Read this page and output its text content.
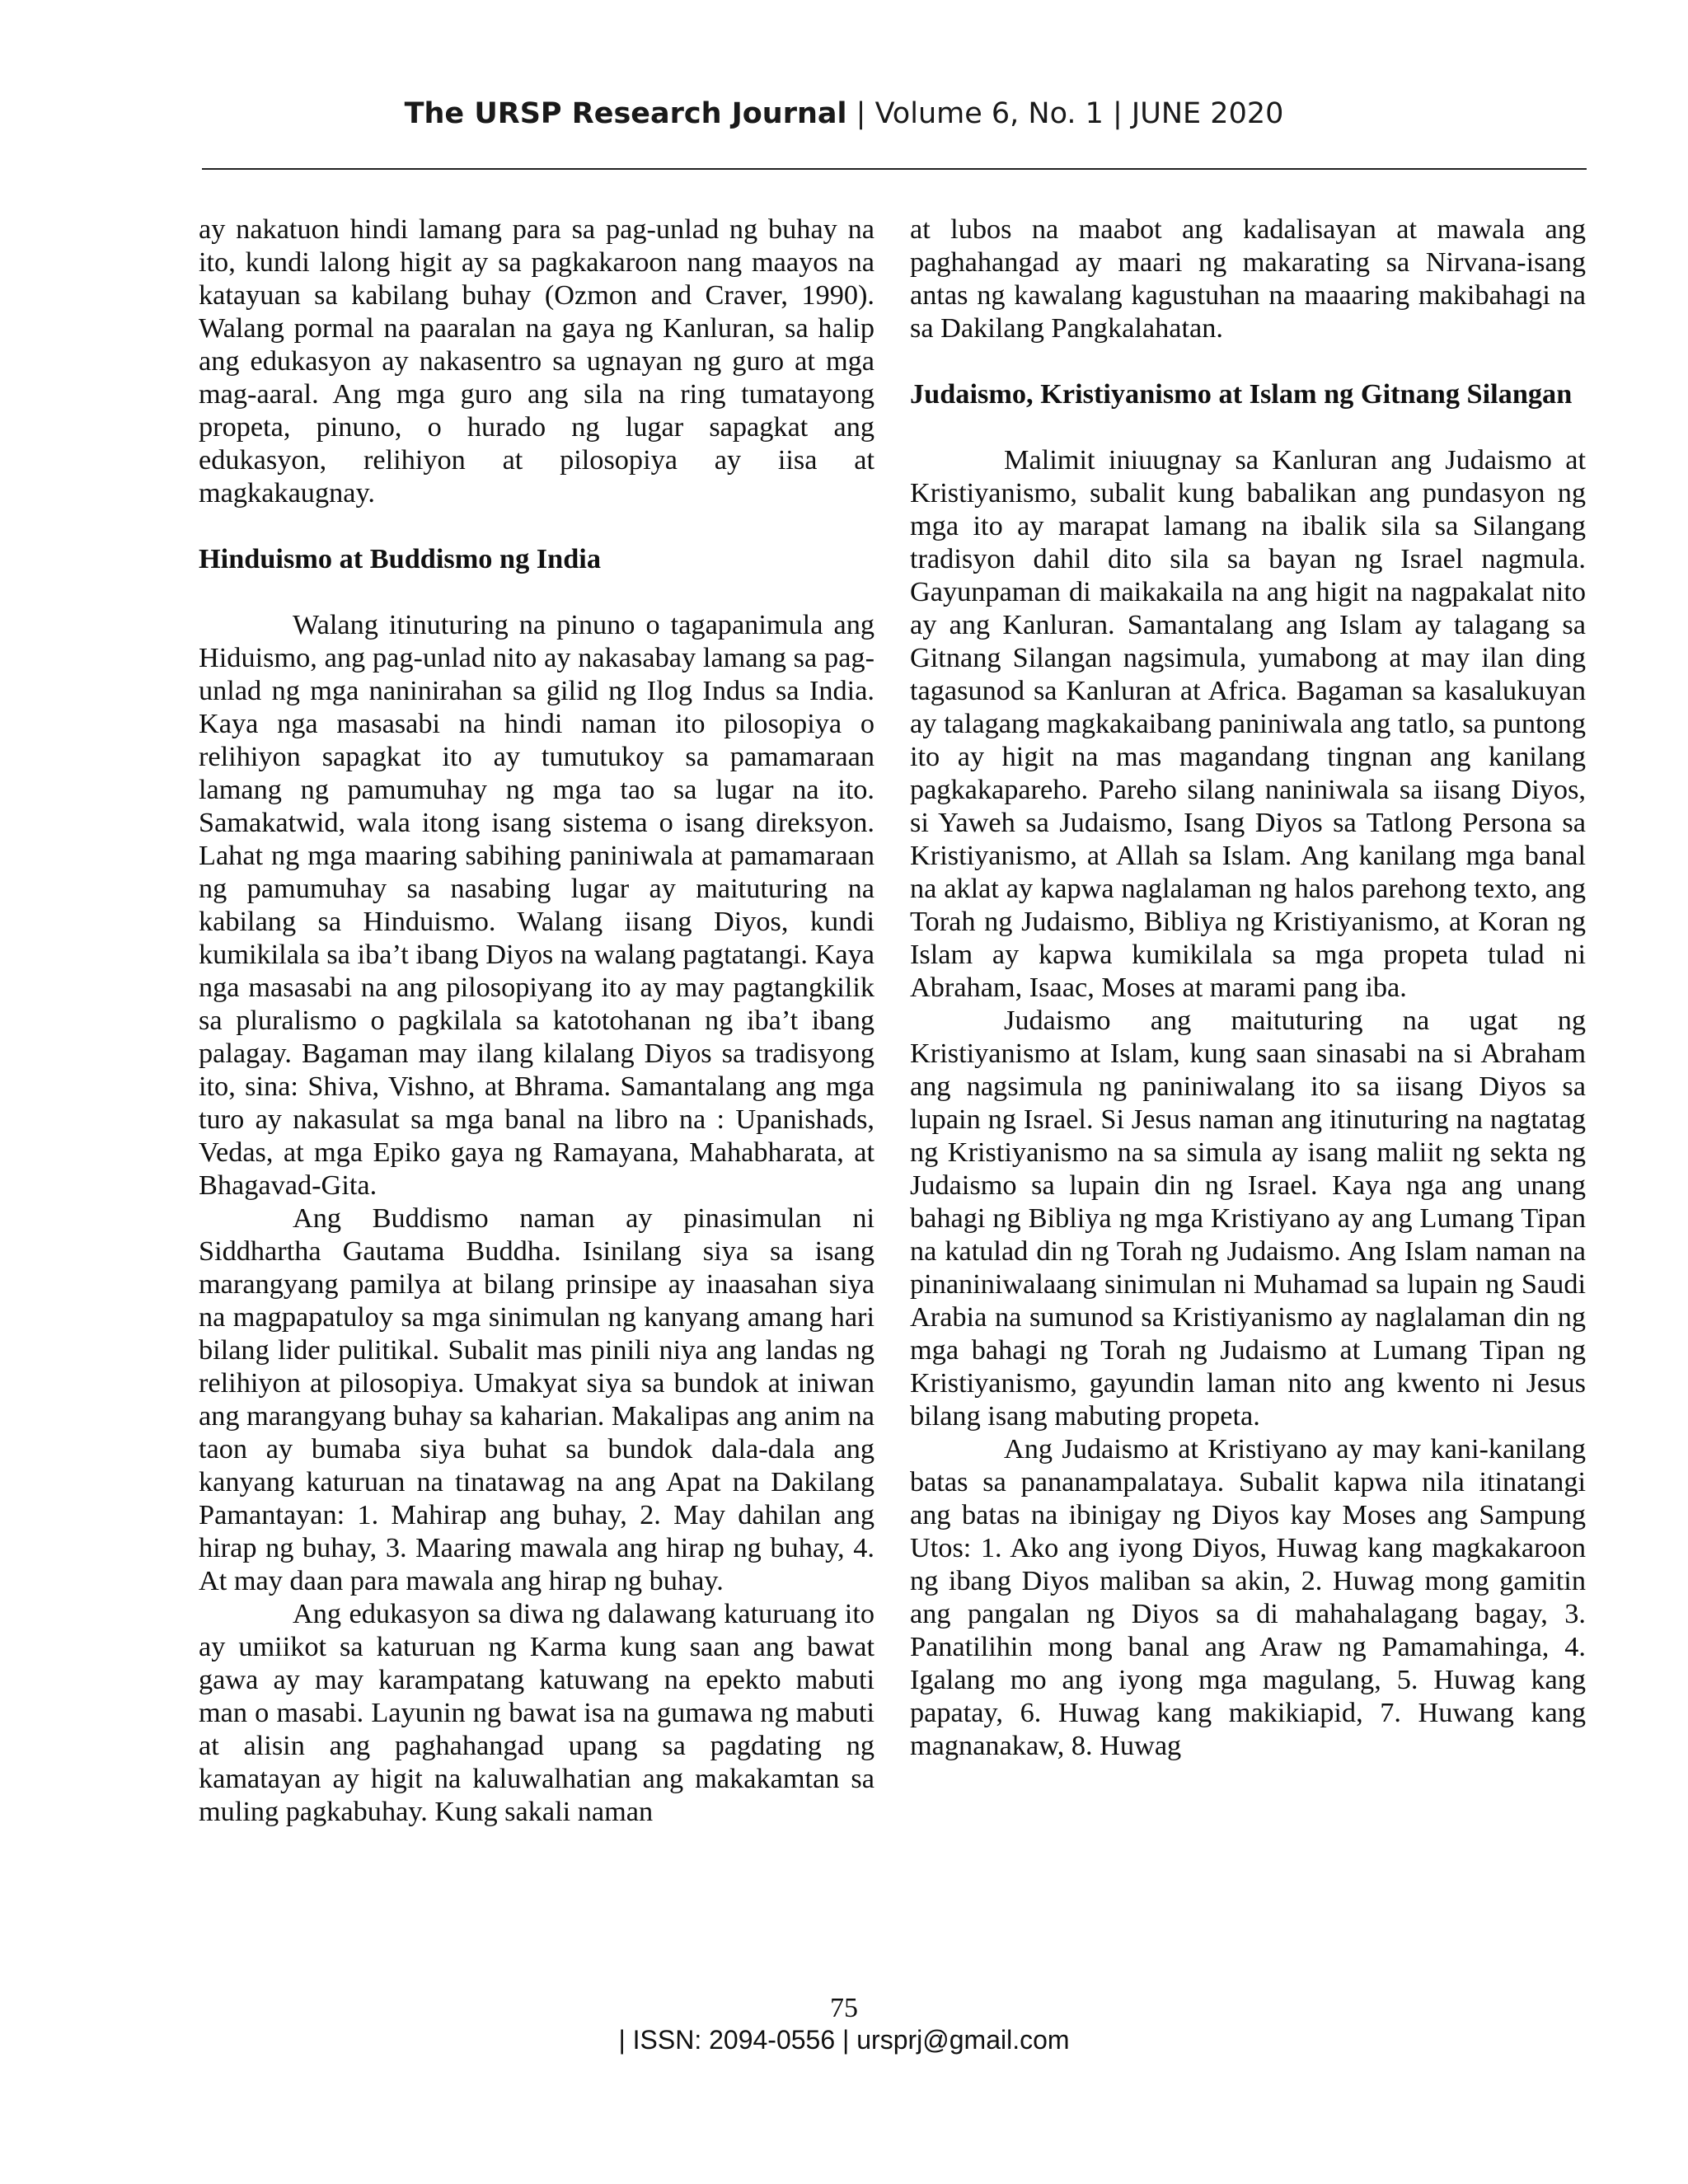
The URSP Research Journal | Volume 6, No. 1 | JUNE 2020

ay nakatuon hindi lamang para sa pag-unlad ng buhay na ito, kundi lalong higit ay sa pagkakaroon nang maayos na katayuan sa kabilang buhay (Ozmon and Craver, 1990). Walang pormal na paaralan na gaya ng Kanluran, sa halip ang edukasyon ay nakasentro sa ugnayan ng guro at mga mag-aaral. Ang mga guro ang sila na ring tumatayong propeta, pinuno, o hurado ng lugar sapagkat ang edukasyon, relihiyon at pilosopiya ay iisa at magkakaugnay.

Hinduismo at Buddismo ng India

Walang itinuturing na pinuno o tagapanimula ang Hiduismo, ang pag-unlad nito ay nakasabay lamang sa pag-unlad ng mga naninirahan sa gilid ng Ilog Indus sa India. Kaya nga masasabi na hindi naman ito pilosopiya o relihiyon sapagkat ito ay tumutukoy sa pamamaraan lamang ng pamumuhay ng mga tao sa lugar na ito. Samakatwid, wala itong isang sistema o isang direksyon. Lahat ng mga maaring sabihing paniniwala at pamamaraan ng pamumuhay sa nasabing lugar ay maituturing na kabilang sa Hinduismo. Walang iisang Diyos, kundi kumikilala sa iba’t ibang Diyos na walang pagtatangi. Kaya nga masasabi na ang pilosopiyang ito ay may pagtangkilik sa pluralismo o pagkilala sa katotohanan ng iba’t ibang palagay. Bagaman may ilang kilalang Diyos sa tradisyong ito, sina: Shiva, Vishno, at Bhrama. Samantalang ang mga turo ay nakasulat sa mga banal na libro na : Upanishads, Vedas, at mga Epiko gaya ng Ramayana, Mahabharata, at Bhagavad-Gita.

Ang Buddismo naman ay pinasimulan ni Siddhartha Gautama Buddha. Isinilang siya sa isang marangyang pamilya at bilang prinsipe ay inaasahan siya na magpapatuloy sa mga sinimulan ng kanyang amang hari bilang lider pulitikal. Subalit mas pinili niya ang landas ng relihiyon at pilosopiya. Umakyat siya sa bundok at iniwan ang marangyang buhay sa kaharian. Makalipas ang anim na taon ay bumaba siya buhat sa bundok dala-dala ang kanyang katuruan na tinatawag na ang Apat na Dakilang Pamantayan: 1. Mahirap ang buhay, 2. May dahilan ang hirap ng buhay, 3. Maaring mawala ang hirap ng buhay, 4. At may daan para mawala ang hirap ng buhay.

Ang edukasyon sa diwa ng dalawang katuruang ito ay umiikot sa katuruan ng Karma kung saan ang bawat gawa ay may karampatang katuwang na epekto mabuti man o masabi. Layunin ng bawat isa na gumawa ng mabuti at alisin ang paghahangad upang sa pagdating ng kamatayan ay higit na kaluwalhatian ang makakamtan sa muling pagkabuhay. Kung sakali naman

at lubos na maabot ang kadalisayan at mawala ang paghahangad ay maari ng makarating sa Nirvana-isang antas ng kawalang kagustuhan na maaaring makibahagi na sa Dakilang Pangkalahatan.

Judaismo, Kristiyanismo at Islam ng Gitnang Silangan

Malimit iniuugnay sa Kanluran ang Judaismo at Kristiyanismo, subalit kung babalikan ang pundasyon ng mga ito ay marapat lamang na ibalik sila sa Silangang tradisyon dahil dito sila sa bayan ng Israel nagmula. Gayunpaman di maikakaila na ang higit na nagpakalat nito ay ang Kanluran. Samantalang ang Islam ay talagang sa Gitnang Silangan nagsimula, yumabong at may ilan ding tagasunod sa Kanluran at Africa. Bagaman sa kasalukuyan ay talagang magkakaibang paniniwala ang tatlo, sa puntong ito ay higit na mas magandang tingnan ang kanilang pagkakapareho. Pareho silang naniniwala sa iisang Diyos, si Yaweh sa Judaismo, Isang Diyos sa Tatlong Persona sa Kristiyanismo, at Allah sa Islam. Ang kanilang mga banal na aklat ay kapwa naglalaman ng halos parehong texto, ang Torah ng Judaismo, Bibliya ng Kristiyanismo, at Koran ng Islam ay kapwa kumikilala sa mga propeta tulad ni Abraham, Isaac, Moses at marami pang iba.

Judaismo ang maituturing na ugat ng Kristiyanismo at Islam, kung saan sinasabi na si Abraham ang nagsimula ng paniniwalang ito sa iisang Diyos sa lupain ng Israel. Si Jesus naman ang itinuturing na nagtatag ng Kristiyanismo na sa simula ay isang maliit ng sekta ng Judaismo sa lupain din ng Israel. Kaya nga ang unang bahagi ng Bibliya ng mga Kristiyano ay ang Lumang Tipan na katulad din ng Torah ng Judaismo. Ang Islam naman na pinaniniwalaang sinimulan ni Muhamad sa lupain ng Saudi Arabia na sumunod sa Kristiyanismo ay naglalaman din ng mga bahagi ng Torah ng Judaismo at Lumang Tipan ng Kristiyanismo, gayundin laman nito ang kwento ni Jesus bilang isang mabuting propeta.

Ang Judaismo at Kristiyano ay may kani-kanilang batas sa pananampalataya. Subalit kapwa nila itinatangi ang batas na ibinigay ng Diyos kay Moses ang Sampung Utos: 1. Ako ang iyong Diyos, Huwag kang magkakaroon ng ibang Diyos maliban sa akin, 2. Huwag mong gamitin ang pangalan ng Diyos sa di mahahalagang bagay, 3. Panatilihin mong banal ang Araw ng Pamamahinga, 4. Igalang mo ang iyong mga magulang, 5. Huwag kang papatay, 6. Huwag kang makikiapid, 7. Huwang kang magnanakaw, 8. Huwag

75
| ISSN: 2094-0556 | ursprj@gmail.com
